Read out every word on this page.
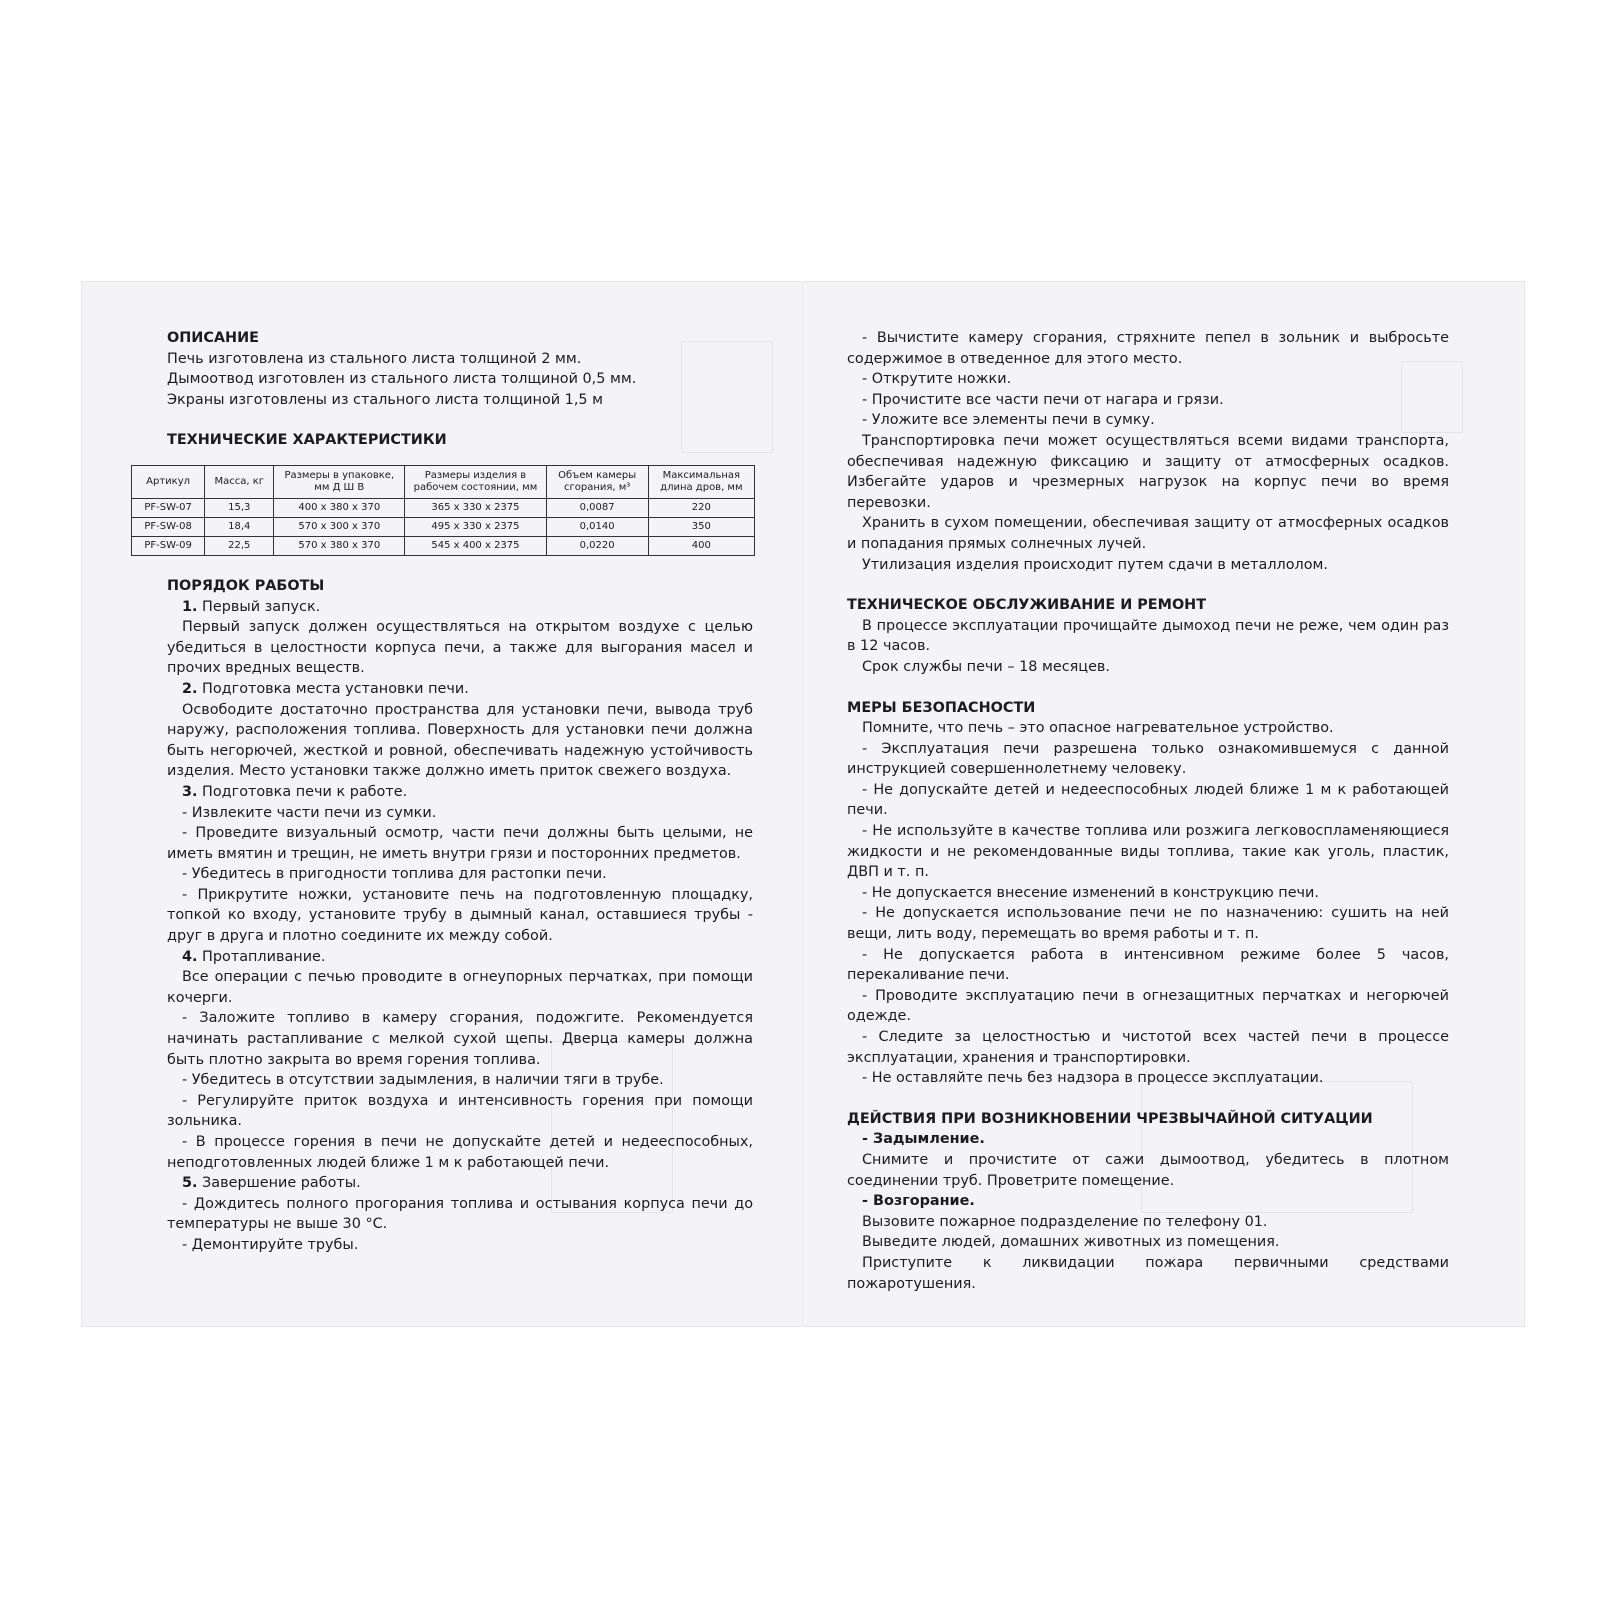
ОПИСАНИЕ
Печь изготовлена из стального листа толщиной 2 мм.
Дымоотвод изготовлен из стального листа толщиной 0,5 мм.
Экраны изготовлены из стального листа толщиной 1,5 м
ТЕХНИЧЕСКИЕ ХАРАКТЕРИСТИКИ
Артикул	Масса, кг	Размеры в упаковке, мм Д Ш В	Размеры изделия в рабочем состоянии, мм	Объем камеры сгорания, м³	Максимальная длина дров, мм
PF-SW-07	15,3	400 x 380 x 370	365 x 330 x 2375	0,0087	220
PF-SW-08	18,4	570 x 300 x 370	495 x 330 x 2375	0,0140	350
PF-SW-09	22,5	570 x 380 x 370	545 x 400 x 2375	0,0220	400
ПОРЯДОК РАБОТЫ
1. Первый запуск.
Первый запуск должен осуществляться на открытом воздухе с целью убедиться в целостности корпуса печи, а также для выгорания масел и прочих вредных веществ.
2. Подготовка места установки печи.
Освободите достаточно пространства для установки печи, вывода труб наружу, расположения топлива. Поверхность для установки печи должна быть негорючей, жесткой и ровной, обеспечивать надежную устойчивость изделия. Место установки также должно иметь приток свежего воздуха.
3. Подготовка печи к работе.
- Извлеките части печи из сумки.
- Проведите визуальный осмотр, части печи должны быть целыми, не иметь вмятин и трещин, не иметь внутри грязи и посторонних предметов.
- Убедитесь в пригодности топлива для растопки печи.
- Прикрутите ножки, установите печь на подготовленную площадку, топкой ко входу, установите трубу в дымный канал, оставшиеся трубы - друг в друга и плотно соедините их между собой.
4. Протапливание.
Все операции с печью проводите в огнеупорных перчатках, при помощи кочерги.
- Заложите топливо в камеру сгорания, подожгите. Рекомендуется начинать растапливание с мелкой сухой щепы. Дверца камеры должна быть плотно закрыта во время горения топлива.
- Убедитесь в отсутствии задымления, в наличии тяги в трубе.
- Регулируйте приток воздуха и интенсивность горения при помощи зольника.
- В процессе горения в печи не допускайте детей и недееспособных, неподготовленных людей ближе 1 м к работающей печи.
5. Завершение работы.
- Дождитесь полного прогорания топлива и остывания корпуса печи до температуры не выше 30 °С.
- Демонтируйте трубы.
- Вычистите камеру сгорания, стряхните пепел в зольник и выбросьте содержимое в отведенное для этого место.
- Открутите ножки.
- Прочистите все части печи от нагара и грязи.
- Уложите все элементы печи в сумку.
Транспортировка печи может осуществляться всеми видами транспорта, обеспечивая надежную фиксацию и защиту от атмосферных осадков. Избегайте ударов и чрезмерных нагрузок на корпус печи во время перевозки.
Хранить в сухом помещении, обеспечивая защиту от атмосферных осадков и попадания прямых солнечных лучей.
Утилизация изделия происходит путем сдачи в металлолом.
ТЕХНИЧЕСКОЕ ОБСЛУЖИВАНИЕ И РЕМОНТ
В процессе эксплуатации прочищайте дымоход печи не реже, чем один раз в 12 часов.
Срок службы печи – 18 месяцев.
МЕРЫ БЕЗОПАСНОСТИ
Помните, что печь – это опасное нагревательное устройство.
- Эксплуатация печи разрешена только ознакомившемуся с данной инструкцией совершеннолетнему человеку.
- Не допускайте детей и недееспособных людей ближе 1 м к работающей печи.
- Не используйте в качестве топлива или розжига легковоспламеняющиеся жидкости и не рекомендованные виды топлива, такие как уголь, пластик, ДВП и т. п.
- Не допускается внесение изменений в конструкцию печи.
- Не допускается использование печи не по назначению: сушить на ней вещи, лить воду, перемещать во время работы и т. п.
- Не допускается работа в интенсивном режиме более 5 часов, перекаливание печи.
- Проводите эксплуатацию печи в огнезащитных перчатках и негорючей одежде.
- Следите за целостностью и чистотой всех частей печи в процессе эксплуатации, хранения и транспортировки.
- Не оставляйте печь без надзора в процессе эксплуатации.
ДЕЙСТВИЯ ПРИ ВОЗНИКНОВЕНИИ ЧРЕЗВЫЧАЙНОЙ СИТУАЦИИ
- Задымление.
Снимите и прочистите от сажи дымоотвод, убедитесь в плотном соединении труб. Проветрите помещение.
- Возгорание.
Вызовите пожарное подразделение по телефону 01.
Выведите людей, домашних животных из помещения.
Приступите к ликвидации пожара первичными средствами пожаротушения.
